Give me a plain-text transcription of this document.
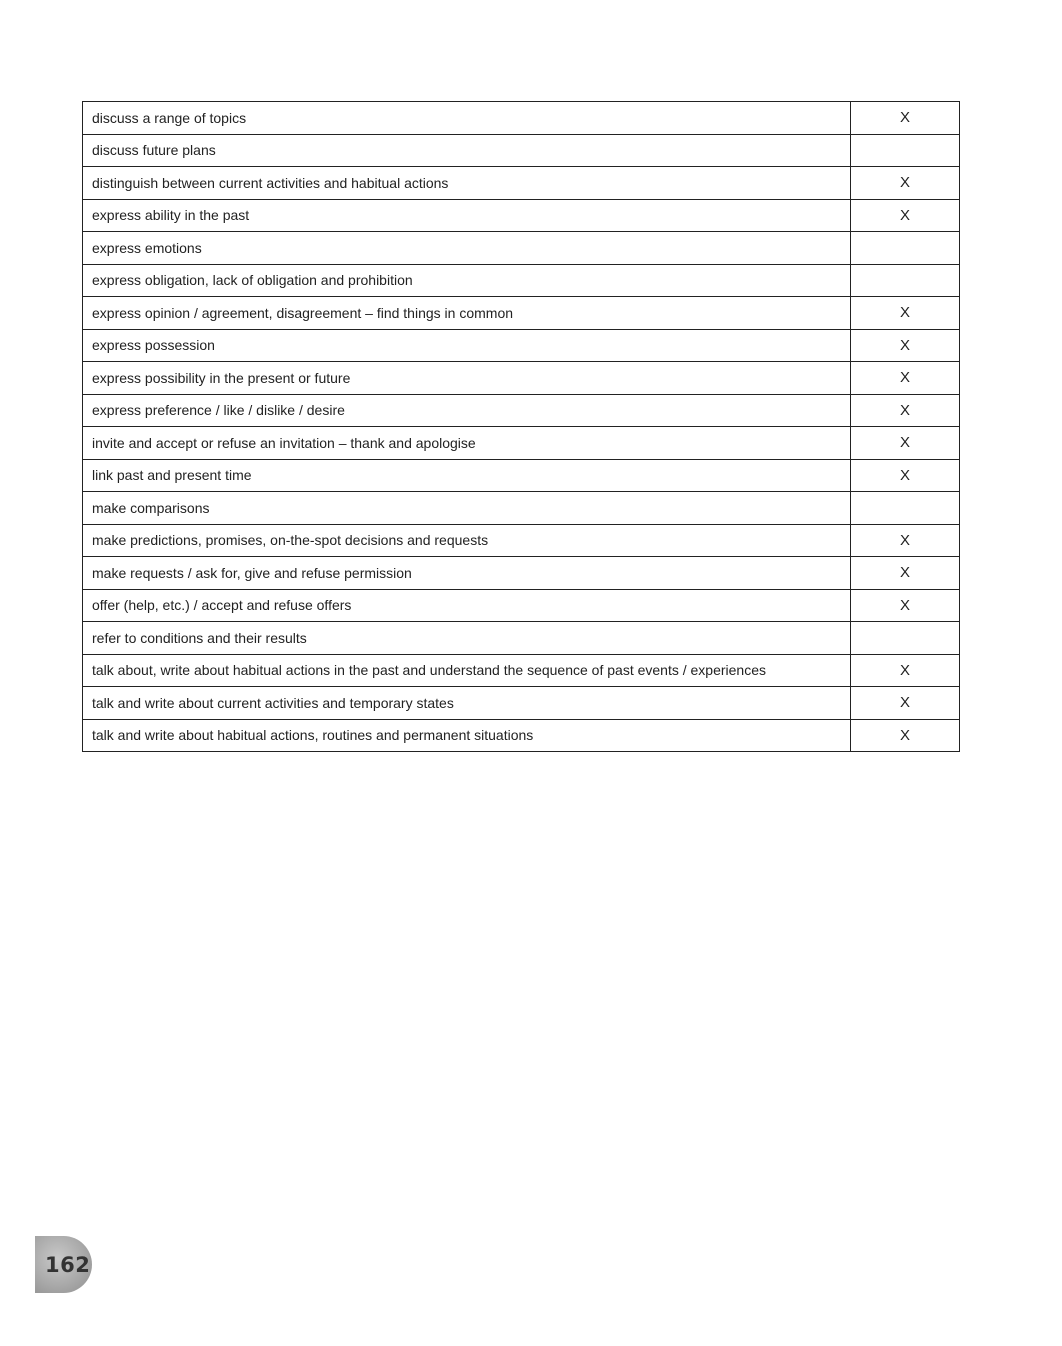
discuss a range of topics	X
discuss future plans	
distinguish between current activities and habitual actions	X
express ability in the past	X
express emotions	
express obligation, lack of obligation and prohibition	
express opinion / agreement, disagreement – find things in common	X
express possession	X
express possibility in the present or future	X
express preference / like / dislike / desire	X
invite and accept or refuse an invitation – thank and apologise	X
link past and present time	X
make comparisons	
make predictions, promises, on-the-spot decisions and requests	X
make requests / ask for, give and refuse permission	X
offer (help, etc.) / accept and refuse offers	X
refer to conditions and their results	
talk about, write about habitual actions in the past and understand the sequence of past events / experiences	X
talk and write about current activities and temporary states	X
talk and write about habitual actions, routines and permanent situations	X
162
